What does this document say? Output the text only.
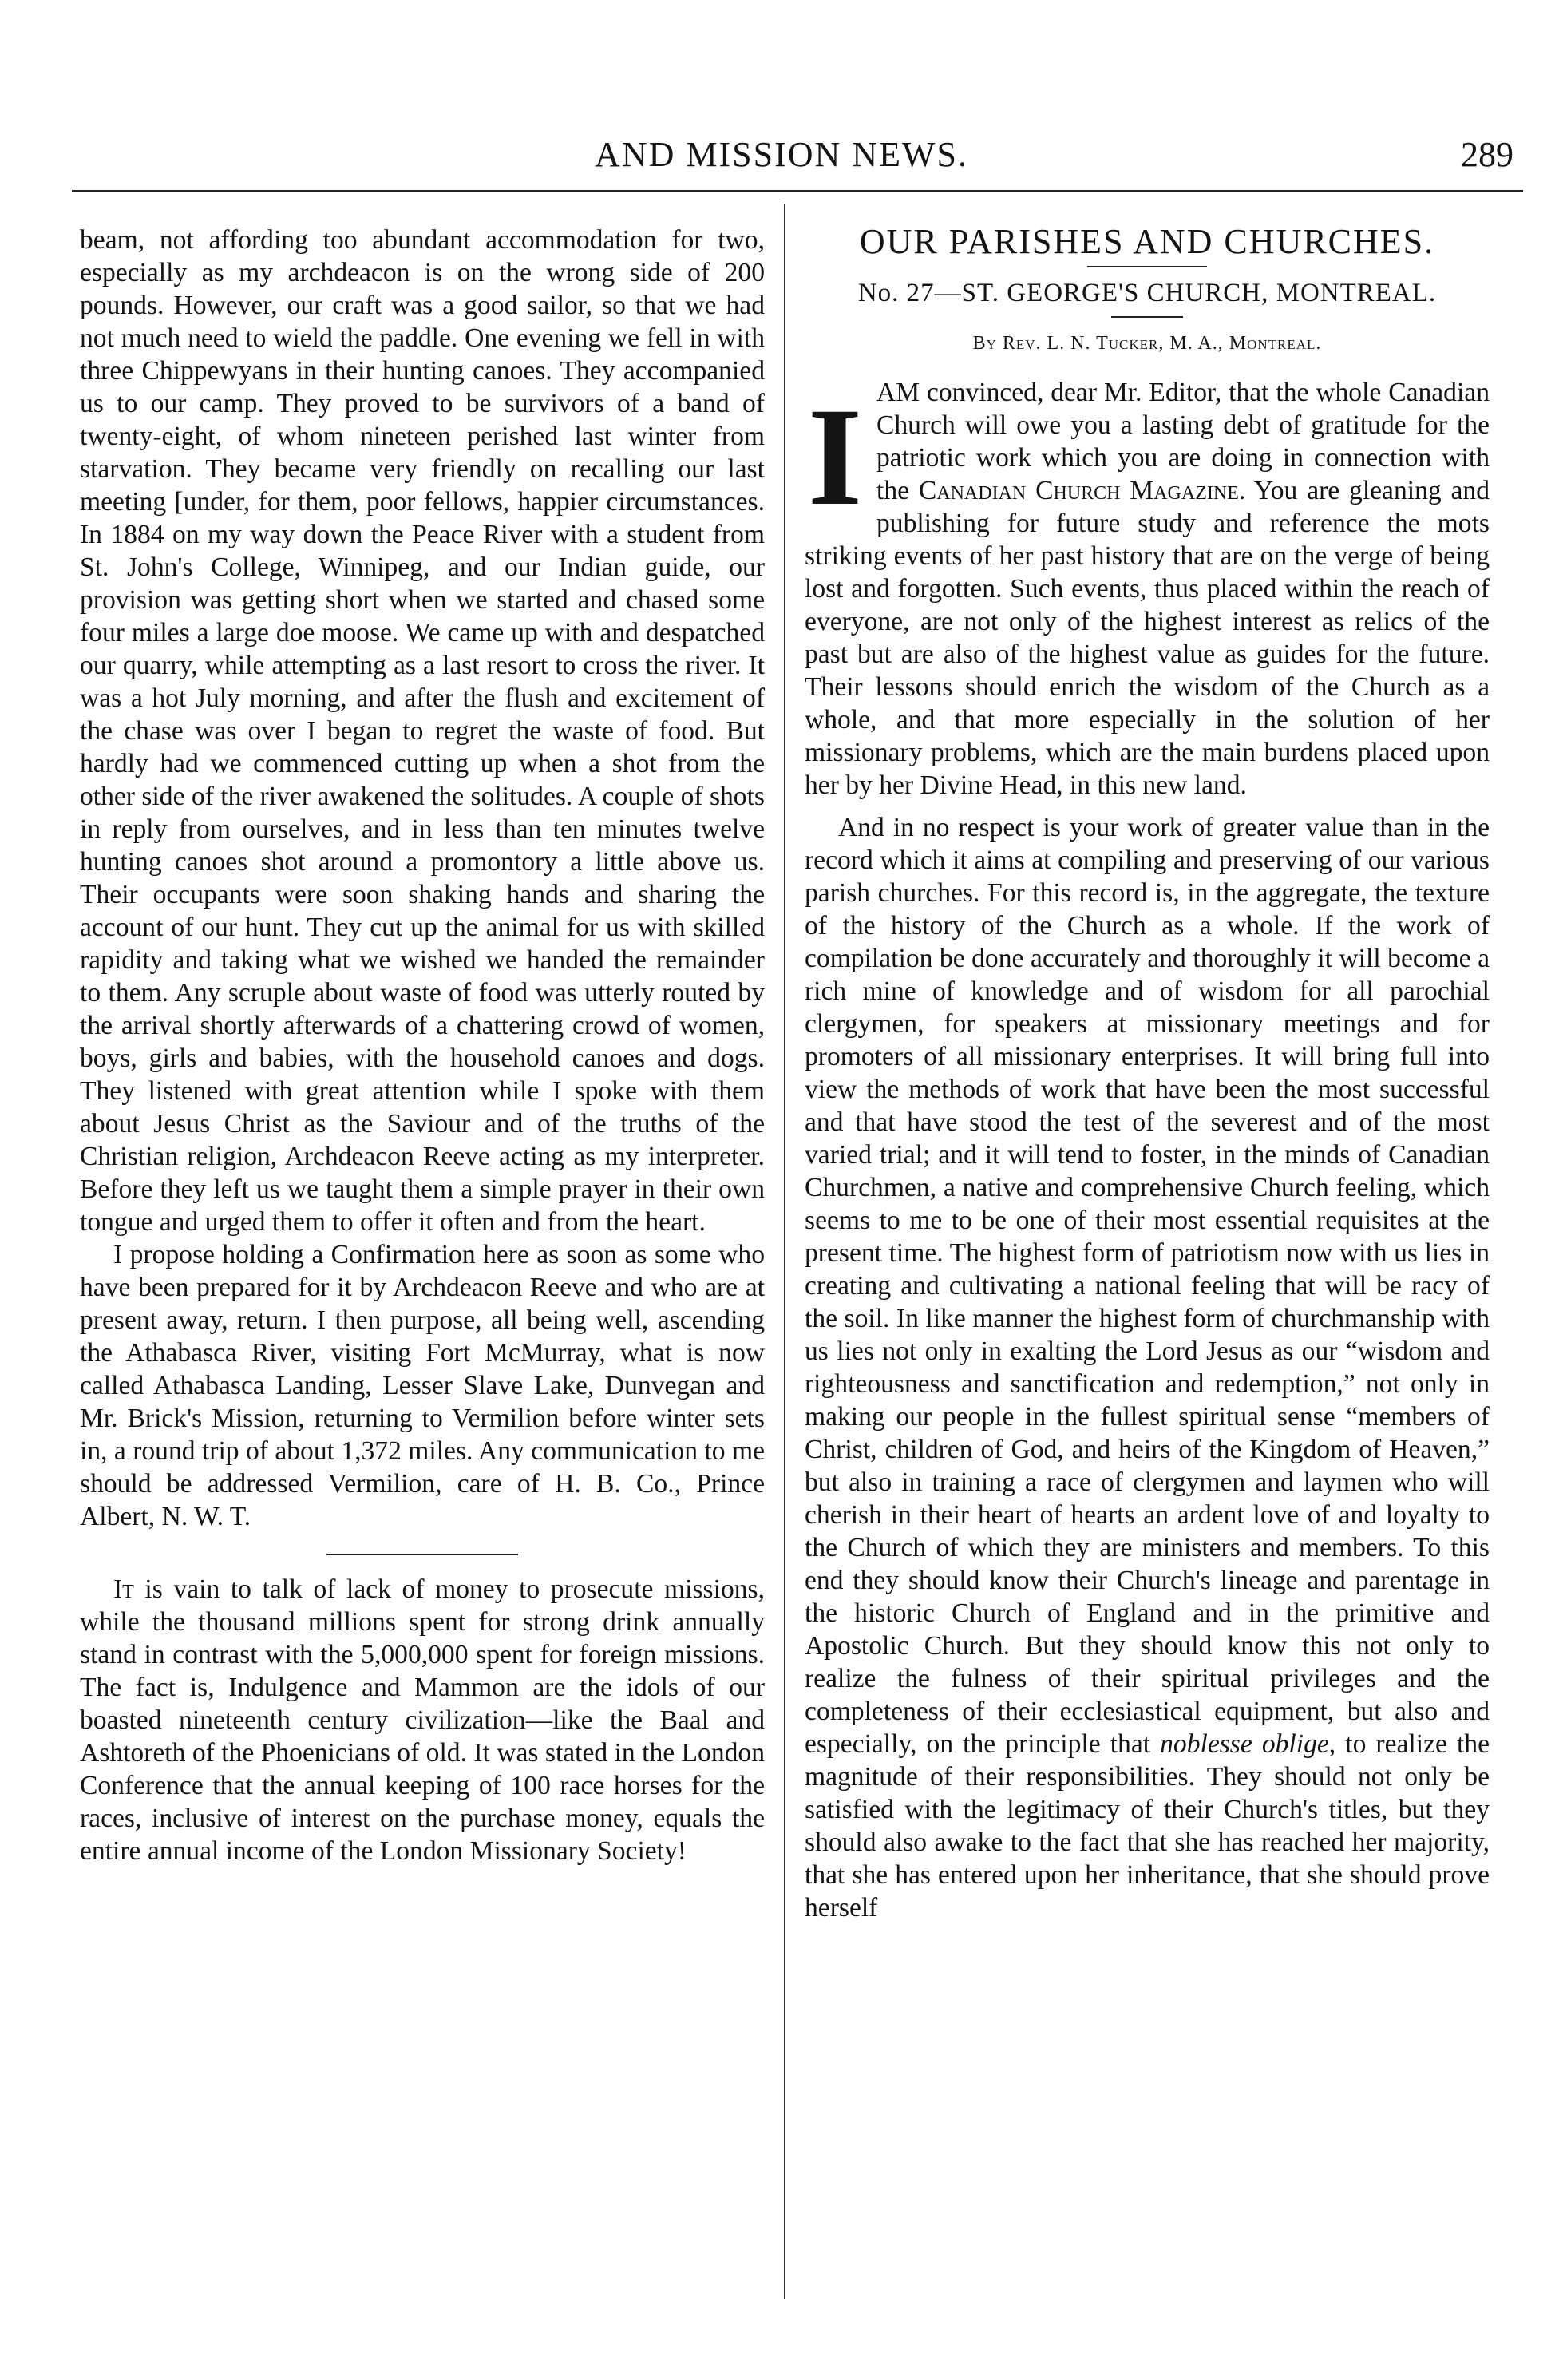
AND MISSION NEWS.	289

beam, not affording too abundant accommodation for two, especially as my archdeacon is on the wrong side of 200 pounds. However, our craft was a good sailor, so that we had not much need to wield the paddle. One evening we fell in with three Chippewyans in their hunting canoes. They accompanied us to our camp. They proved to be survivors of a band of twenty-eight, of whom nineteen perished last winter from starvation. They became very friendly on recalling our last meeting [under, for them, poor fellows, happier circumstances. In 1884 on my way down the Peace River with a student from St. John's College, Winnipeg, and our Indian guide, our provision was getting short when we started and chased some four miles a large doe moose. We came up with and despatched our quarry, while attempting as a last resort to cross the river. It was a hot July morning, and after the flush and excitement of the chase was over I began to regret the waste of food. But hardly had we commenced cutting up when a shot from the other side of the river awakened the solitudes. A couple of shots in reply from ourselves, and in less than ten minutes twelve hunting canoes shot around a promontory a little above us. Their occupants were soon shaking hands and sharing the account of our hunt. They cut up the animal for us with skilled rapidity and taking what we wished we handed the remainder to them. Any scruple about waste of food was utterly routed by the arrival shortly afterwards of a chattering crowd of women, boys, girls and babies, with the household canoes and dogs. They listened with great attention while I spoke with them about Jesus Christ as the Saviour and of the truths of the Christian religion, Archdeacon Reeve acting as my interpreter. Before they left us we taught them a simple prayer in their own tongue and urged them to offer it often and from the heart.

I propose holding a Confirmation here as soon as some who have been prepared for it by Archdeacon Reeve and who are at present away, return. I then purpose, all being well, ascending the Athabasca River, visiting Fort McMurray, what is now called Athabasca Landing, Lesser Slave Lake, Dunvegan and Mr. Brick's Mission, returning to Vermilion before winter sets in, a round trip of about 1,372 miles. Any communication to me should be addressed Vermilion, care of H. B. Co., Prince Albert, N. W. T.

It is vain to talk of lack of money to prosecute missions, while the thousand millions spent for strong drink annually stand in contrast with the 5,000,000 spent for foreign missions. The fact is, Indulgence and Mammon are the idols of our boasted nineteenth century civilization—like the Baal and Ashtoreth of the Phoenicians of old. It was stated in the London Conference that the annual keeping of 100 race horses for the races, inclusive of interest on the purchase money, equals the entire annual income of the London Missionary Society!

OUR PARISHES AND CHURCHES.
No. 27—ST. GEORGE'S CHURCH, MONTREAL.
By Rev. L. N. Tucker, M. A., Montreal.
I AM convinced, dear Mr. Editor, that the whole Canadian Church will owe you a lasting debt of gratitude for the patriotic work which you are doing in connection with the Canadian Church Magazine. You are gleaning and publishing for future study and reference the mots striking events of her past history that are on the verge of being lost and forgotten. Such events, thus placed within the reach of everyone, are not only of the highest interest as relics of the past but are also of the highest value as guides for the future. Their lessons should enrich the wisdom of the Church as a whole, and that more especially in the solution of her missionary problems, which are the main burdens placed upon her by her Divine Head, in this new land.

And in no respect is your work of greater value than in the record which it aims at compiling and preserving of our various parish churches. For this record is, in the aggregate, the texture of the history of the Church as a whole. If the work of compilation be done accurately and thoroughly it will become a rich mine of knowledge and of wisdom for all parochial clergymen, for speakers at missionary meetings and for promoters of all missionary enterprises. It will bring full into view the methods of work that have been the most successful and that have stood the test of the severest and of the most varied trial; and it will tend to foster, in the minds of Canadian Churchmen, a native and comprehensive Church feeling, which seems to me to be one of their most essential requisites at the present time. The highest form of patriotism now with us lies in creating and cultivating a national feeling that will be racy of the soil. In like manner the highest form of churchmanship with us lies not only in exalting the Lord Jesus as our “wisdom and righteousness and sanctification and redemption,” not only in making our people in the fullest spiritual sense “members of Christ, children of God, and heirs of the Kingdom of Heaven,” but also in training a race of clergymen and laymen who will cherish in their heart of hearts an ardent love of and loyalty to the Church of which they are ministers and members. To this end they should know their Church's lineage and parentage in the historic Church of England and in the primitive and Apostolic Church. But they should know this not only to realize the fulness of their spiritual privileges and the completeness of their ecclesiastical equipment, but also and especially, on the principle that noblesse oblige, to realize the magnitude of their responsibilities. They should not only be satisfied with the legitimacy of their Church's titles, but they should also awake to the fact that she has reached her majority, that she has entered upon her inheritance, that she should prove herself
